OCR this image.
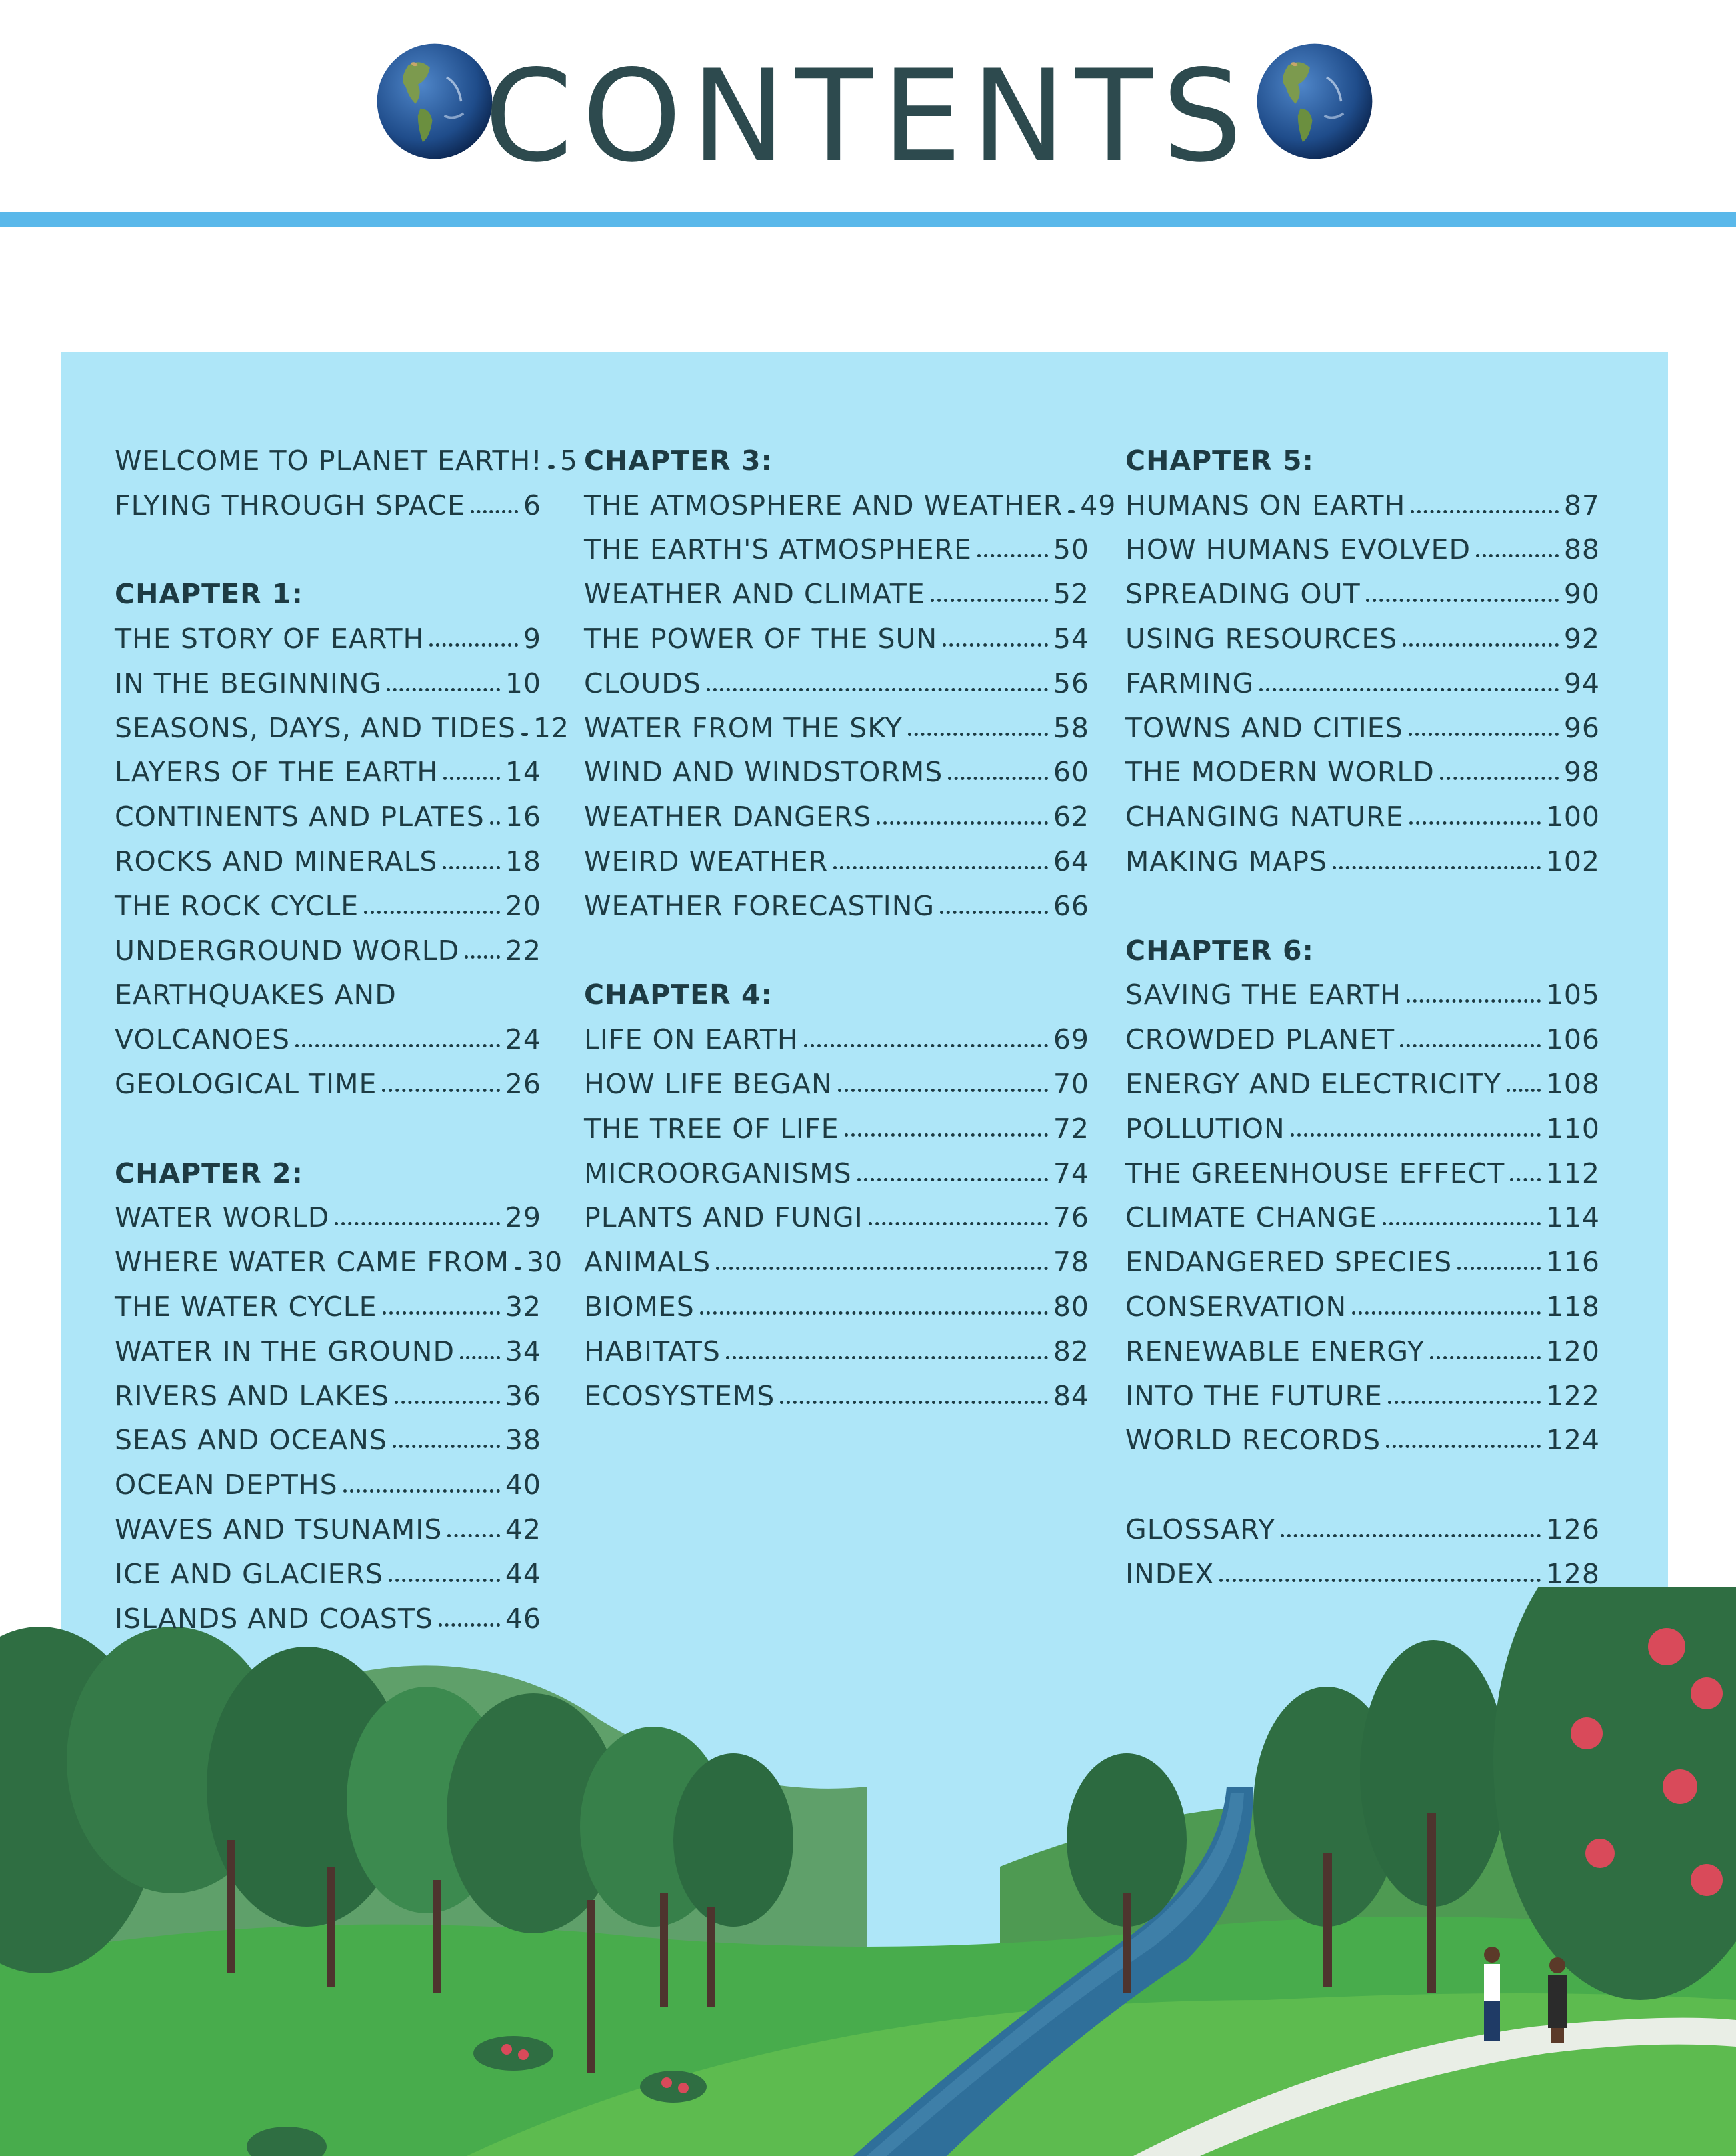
CONTENTS
WELCOME TO PLANET EARTH! 5
FLYING THROUGH SPACE 6
CHAPTER 1:
THE STORY OF EARTH	9
IN THE BEGINNING	10
SEASONS, DAYS, AND TIDES 12
LAYERS OF THE EARTH 14
CONTINENTS AND PLATES 16
ROCKS AND MINERALS 18
THE ROCK CYCLE	20
UNDERGROUND WORLD 22
EARTHQUAKES AND
VOLCANOES	24
GEOLOGICAL TIME	26
CHAPTER 2:
WATER WORLD	29
WHERE WATER CAME FROM 30
THE WATER CYCLE	32
WATER IN THE GROUND 34
RIVERS AND LAKES	36
SEAS AND OCEANS	38
OCEAN DEPTHS	40
WAVES AND TSUNAMIS 42
ICE AND GLACIERS	44
ISLANDS AND COASTS	46
CHAPTER 3:
THE ATMOSPHERE AND WEATHER 49
THE EARTH'S ATMOSPHERE	50
WEATHER AND CLIMATE	52
THE POWER OF THE SUN	54
CLOUDS	56
WATER FROM THE SKY	58
WIND AND WINDSTORMS	60
WEATHER DANGERS	62
WEIRD WEATHER	64
WEATHER FORECASTING	66
CHAPTER 4:
LIFE ON EARTH	69
HOW LIFE BEGAN	70
THE TREE OF LIFE	72
MICROORGANISMS	74
PLANTS AND FUNGI	76
ANIMALS	78
BIOMES	80
HABITATS	82
ECOSYSTEMS	84
CHAPTER 5:
HUMANS ON EARTH	87
HOW HUMANS EVOLVED	88
SPREADING OUT	90
USING RESOURCES	92
FARMING	94
TOWNS AND CITIES	96
THE MODERN WORLD	98
CHANGING NATURE	100
MAKING MAPS	102
CHAPTER 6:
SAVING THE EARTH	105
CROWDED PLANET	106
ENERGY AND ELECTRICITY 108
POLLUTION	110
THE GREENHOUSE EFFECT 112
CLIMATE CHANGE	114
ENDANGERED SPECIES	116
CONSERVATION	118
RENEWABLE ENERGY	120
INTO THE FUTURE	122
WORLD RECORDS	124
GLOSSARY	126
INDEX	128
